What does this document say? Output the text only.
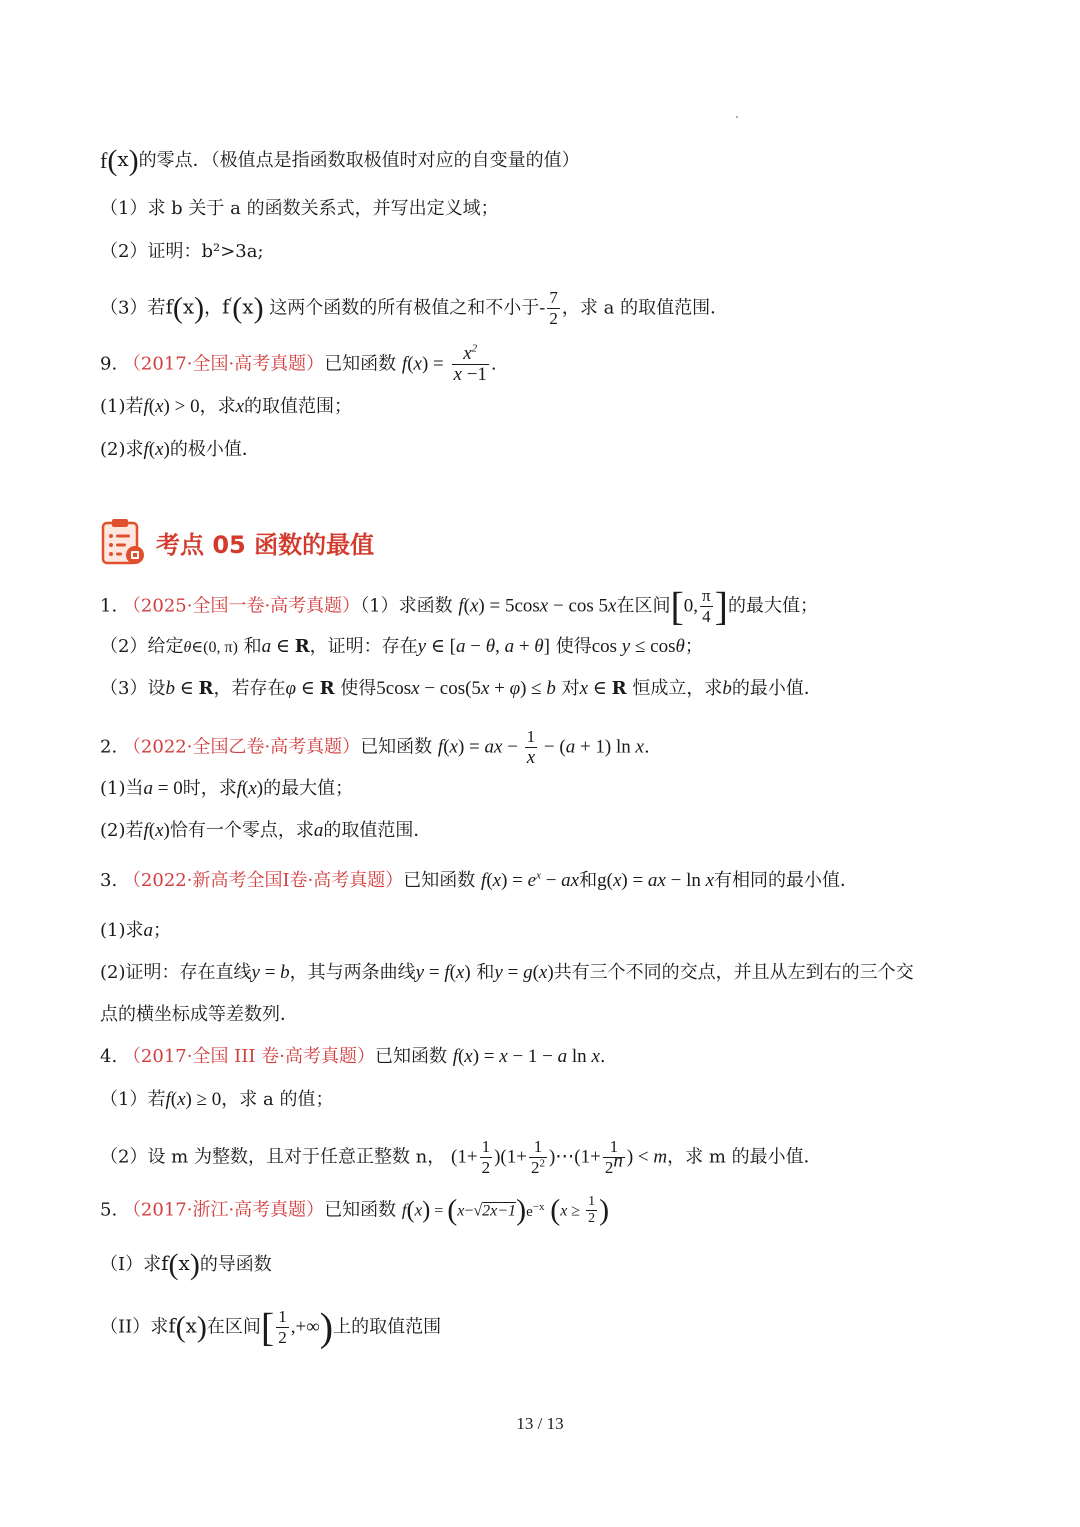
f(x)的零点．（极值点是指函数取极值时对应的自变量的值）
（1）求 b 关于 a 的函数关系式，并写出定义域；
（2）证明：b²>3a;
（3）若f(x)，f′(x) 这两个函数的所有极值之和不小于- $\frac{7}{2}$ ，求 a 的取值范围．
9. （2017·全国·高考真题）已知函数 $f(x) = \frac{x^2}{x -1}$ .
(1)若f(x) > 0，求x的取值范围；
(2)求f(x)的极小值．
考点 05 函数的最值
1. （2025·全国一卷·高考真题）（1）求函数 f(x) = 5cosx − cos 5x在区间[0, $\frac{\pi}{4}$ ]的最大值；
（2）给定θ∈(0, π) 和a ∈ R，证明：存在y ∈ [a − θ, a + θ] 使得cos y ≤ cosθ；
（3）设b ∈ R，若存在φ ∈ R 使得5cosx − cos(5x + φ) ≤ b 对x ∈ R 恒成立，求b的最小值．
2. （2022·全国乙卷·高考真题）已知函数 f(x) = ax − $\frac{1}{x} - (a + 1)$ ln x.
(1)当a = 0时，求f(x)的最大值；
(2)若f(x)恰有一个零点，求a的取值范围．
3. （2022·新高考全国I卷·高考真题）已知函数 $f(x) = e^x$ − ax和g(x) = ax − ln x有相同的最小值．
(1)求a；
(2)证明：存在直线y = b，其与两条曲线y = f(x) 和y = g(x)共有三个不同的交点，并且从左到右的三个交
点的横坐标成等差数列．
4. （2017·全国 III 卷·高考真题）已知函数 f(x) = x − 1 − a ln x.
（1）若f(x) ≥ 0，求 a 的值；
（2）设 m 为整数，且对于任意正整数 n， $(1+ \frac{1}{2} )(1+ \frac{1}{2^2}$ )⋯(1+ $\frac{1}{2^n}$ ) < m，求 m 的最小值．
5. （2017·浙江·高考真题）已知函数 $f(x) = (x-√2x-1)e^{-x}$ ($x \ge \frac{1}{2}$ )
（I）求f(x)的导函数
（II）求f(x)在区间[ $\frac{1}{2}$ ,+∞)上的取值范围
13 / 13
